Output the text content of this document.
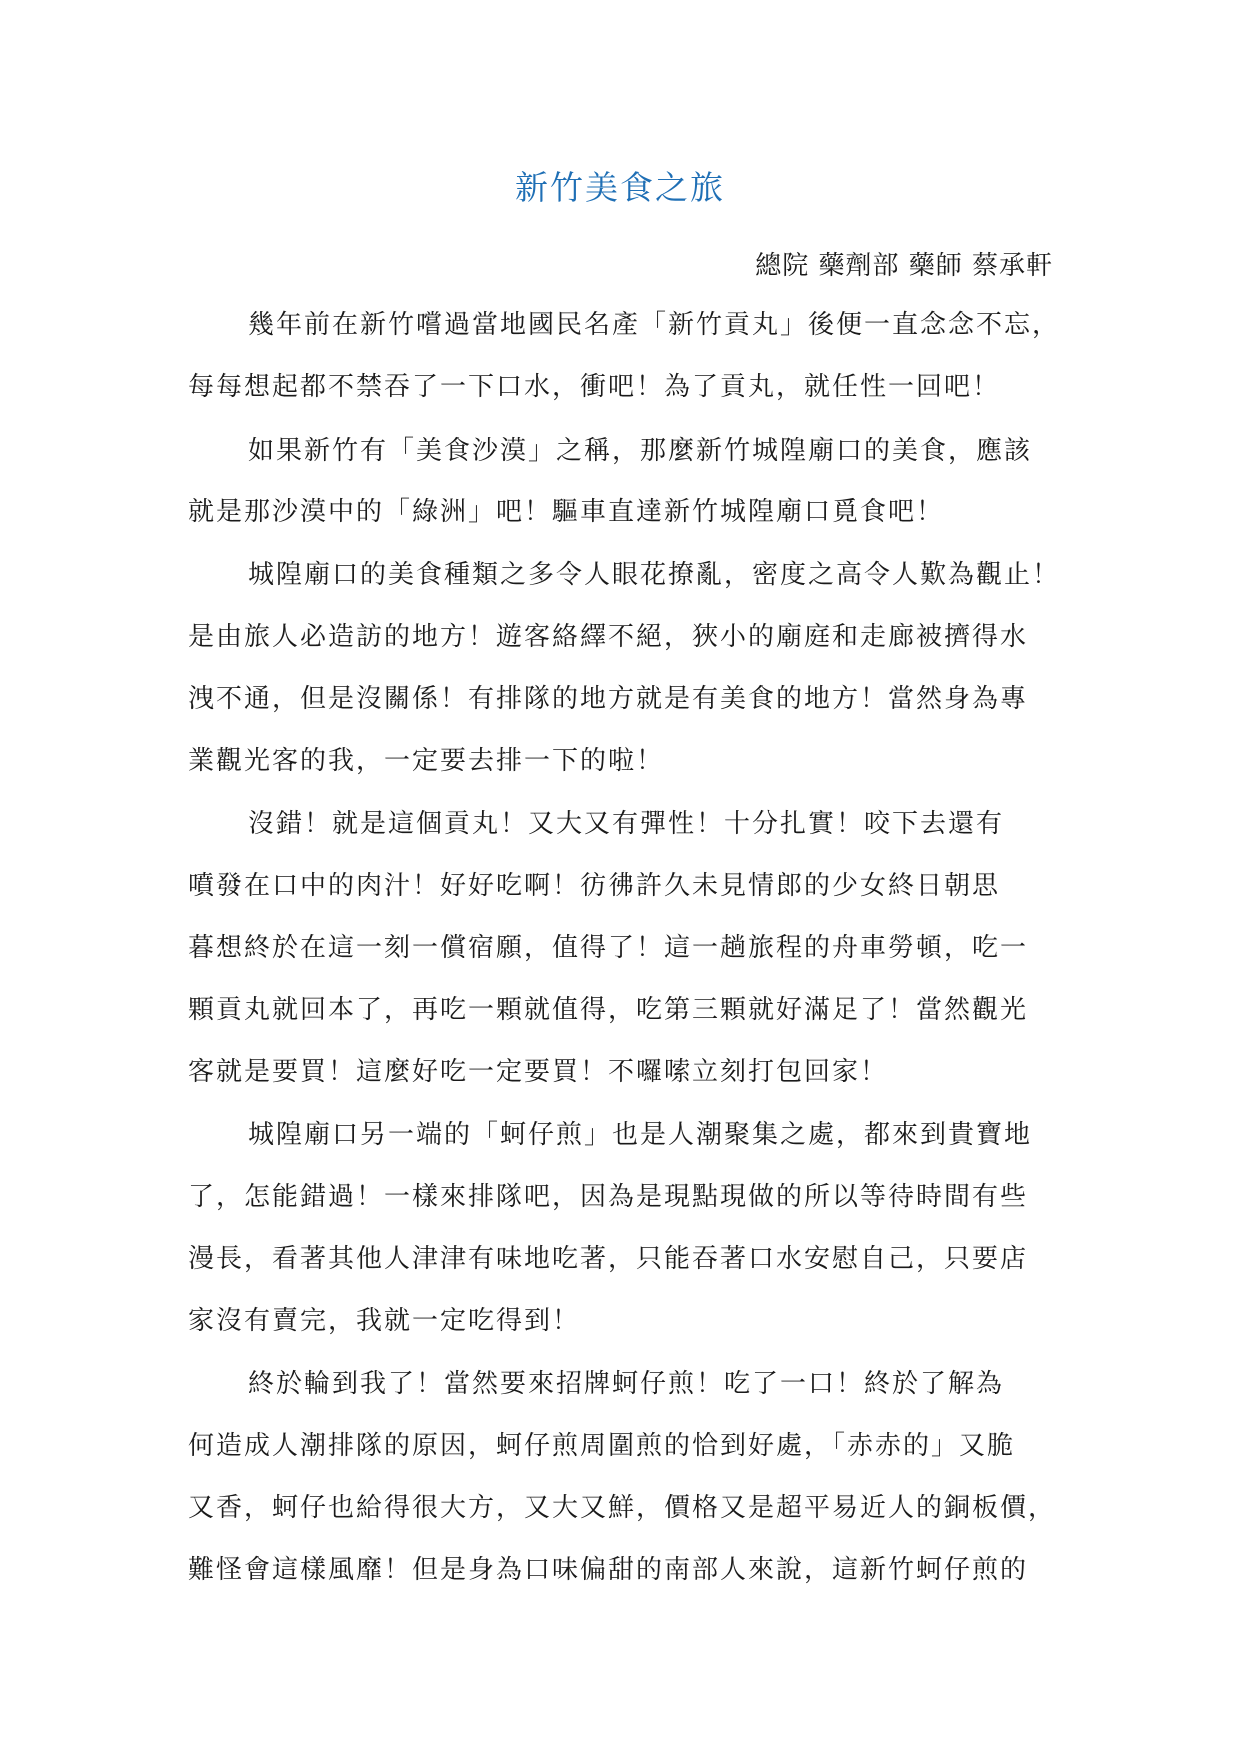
新竹美食之旅
總院 藥劑部 藥師 蔡承軒
幾年前在新竹嚐過當地國民名產「新竹貢丸」後便一直念念不忘，
每每想起都不禁吞了一下口水，衝吧！為了貢丸，就任性一回吧！
如果新竹有「美食沙漠」之稱，那麼新竹城隍廟口的美食，應該
就是那沙漠中的「綠洲」吧！驅車直達新竹城隍廟口覓食吧！
城隍廟口的美食種類之多令人眼花撩亂，密度之高令人歎為觀止！
是由旅人必造訪的地方！遊客絡繹不絕，狹小的廟庭和走廊被擠得水
洩不通，但是沒關係！有排隊的地方就是有美食的地方！當然身為專
業觀光客的我，一定要去排一下的啦！
沒錯！就是這個貢丸！又大又有彈性！十分扎實！咬下去還有
噴發在口中的肉汁！好好吃啊！彷彿許久未見情郎的少女終日朝思
暮想終於在這一刻一償宿願，值得了！這一趟旅程的舟車勞頓，吃一
顆貢丸就回本了，再吃一顆就值得，吃第三顆就好滿足了！當然觀光
客就是要買！這麼好吃一定要買！不囉嗦立刻打包回家！
城隍廟口另一端的「蚵仔煎」也是人潮聚集之處，都來到貴寶地
了，怎能錯過！一樣來排隊吧，因為是現點現做的所以等待時間有些
漫長，看著其他人津津有味地吃著，只能吞著口水安慰自己，只要店
家沒有賣完，我就一定吃得到！
終於輪到我了！當然要來招牌蚵仔煎！吃了一口！終於了解為
何造成人潮排隊的原因，蚵仔煎周圍煎的恰到好處，「赤赤的」又脆
又香，蚵仔也給得很大方，又大又鮮，價格又是超平易近人的銅板價，
難怪會這樣風靡！但是身為口味偏甜的南部人來說，這新竹蚵仔煎的
